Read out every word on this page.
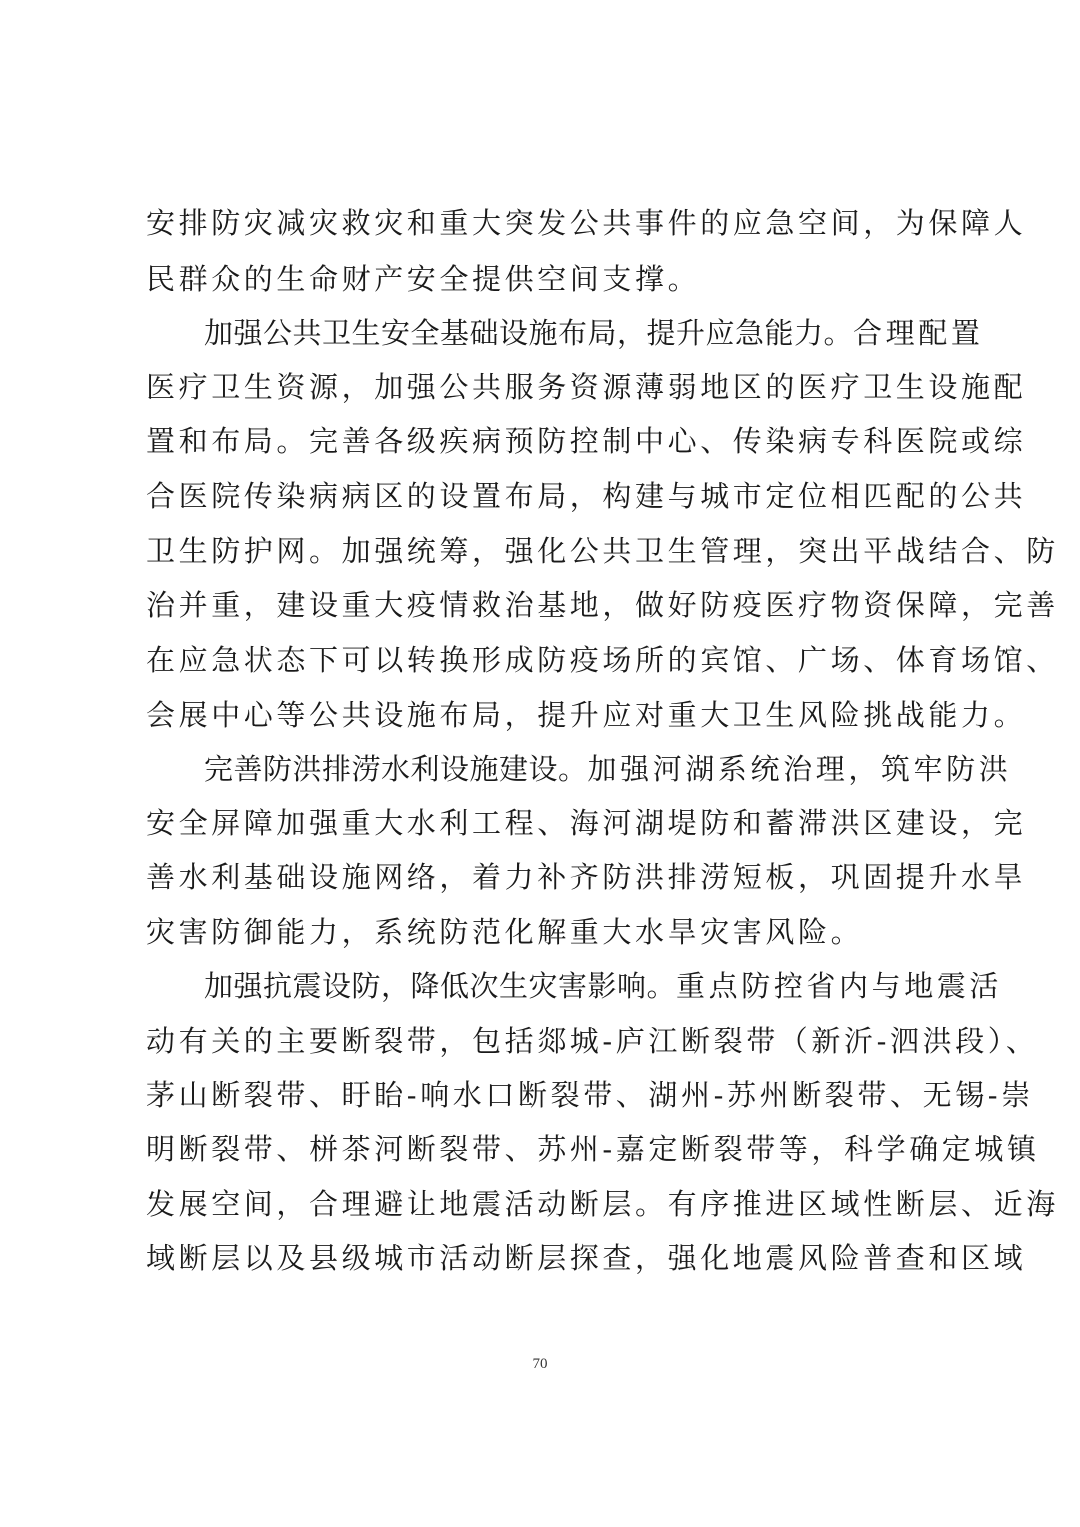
安排防灾减灾救灾和重大突发公共事件的应急空间，为保障人
民群众的生命财产安全提供空间支撑。
加强公共卫生安全基础设施布局，提升应急能力。合理配置
医疗卫生资源，加强公共服务资源薄弱地区的医疗卫生设施配
置和布局。完善各级疾病预防控制中心、传染病专科医院或综
合医院传染病病区的设置布局，构建与城市定位相匹配的公共
卫生防护网。加强统筹，强化公共卫生管理，突出平战结合、防
治并重，建设重大疫情救治基地，做好防疫医疗物资保障，完善
在应急状态下可以转换形成防疫场所的宾馆、广场、体育场馆、
会展中心等公共设施布局，提升应对重大卫生风险挑战能力。
完善防洪排涝水利设施建设。加强河湖系统治理，筑牢防洪
安全屏障加强重大水利工程、海河湖堤防和蓄滞洪区建设，完
善水利基础设施网络，着力补齐防洪排涝短板，巩固提升水旱
灾害防御能力，系统防范化解重大水旱灾害风险。
加强抗震设防，降低次生灾害影响。重点防控省内与地震活
动有关的主要断裂带，包括郯城-庐江断裂带（新沂-泗洪段）、
茅山断裂带、盱眙-响水口断裂带、湖州-苏州断裂带、无锡-崇
明断裂带、栟茶河断裂带、苏州-嘉定断裂带等，科学确定城镇
发展空间，合理避让地震活动断层。有序推进区域性断层、近海
域断层以及县级城市活动断层探查，强化地震风险普查和区域
70
